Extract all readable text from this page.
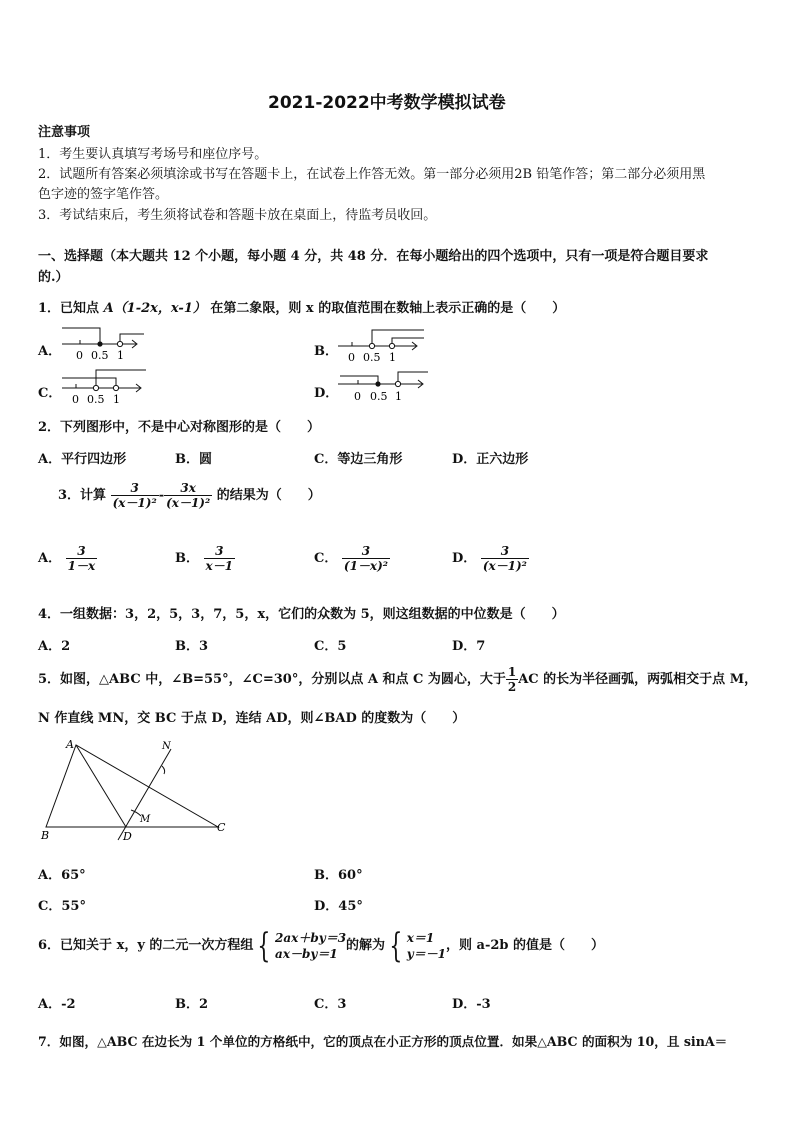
2021-2022中考数学模拟试卷
注意事项
1．考生要认真填写考场号和座位序号。
2．试题所有答案必须填涂或书写在答题卡上，在试卷上作答无效。第一部分必须用2B 铅笔作答；第二部分必须用黑
色字迹的签字笔作答。
3．考试结束后，考生须将试卷和答题卡放在桌面上，待监考员收回。
一、选择题（本大题共 12 个小题，每小题 4 分，共 48 分．在每小题给出的四个选项中，只有一项是符合题目要求
的.）
1．已知点 A（1-2x，x-1） 在第二象限，则 x 的取值范围在数轴上表示正确的是（　　）
A． 0 0.5 1	B． 0 0.5 1
C． 0 0.5 1	D． 0 0.5 1
2．下列图形中，不是中心对称图形的是（　　）
A．平行四边形	B．圆	C．等边三角形	D．正六边形
3．计算 $\frac{3}{\text{(x－1)²}} - \frac{3x}{\text{(x－1)²}}$ 的结果为（　　）
A． $\frac{3}{1-x}$	B． $\frac{3}{x-1}$	C． $\frac{3}{\text{(1－x)²}}$	D． $\frac{3}{\text{(x－1)²}}$
4．一组数据：3，2，5，3，7，5，x，它们的众数为 5，则这组数据的中位数是（　　）
A．2	B．3	C．5	D．7
5．如图，△ABC 中，∠B=55°，∠C=30°，分别以点 A 和点 C 为圆心，大于 $\frac{1}{2}$ AC 的长为半径画弧，两弧相交于点 M，
N 作直线 MN，交 BC 于点 D，连结 AD，则∠BAD 的度数为（　　）
A
B
C
D
M
N
A．65°	B．60°
C．55°	D．45°
6．已知关于 x，y 的二元一次方程组 { 2ax＋by＝3
ax－by＝1
的解为 { x＝1
y＝－1
，则 a-2b 的值是（　　）
A．-2	B．2	C．3	D．-3
7．如图，△ABC 在边长为 1 个单位的方格纸中，它的顶点在小正方形的顶点位置．如果△ABC 的面积为 10，且 sinA＝
